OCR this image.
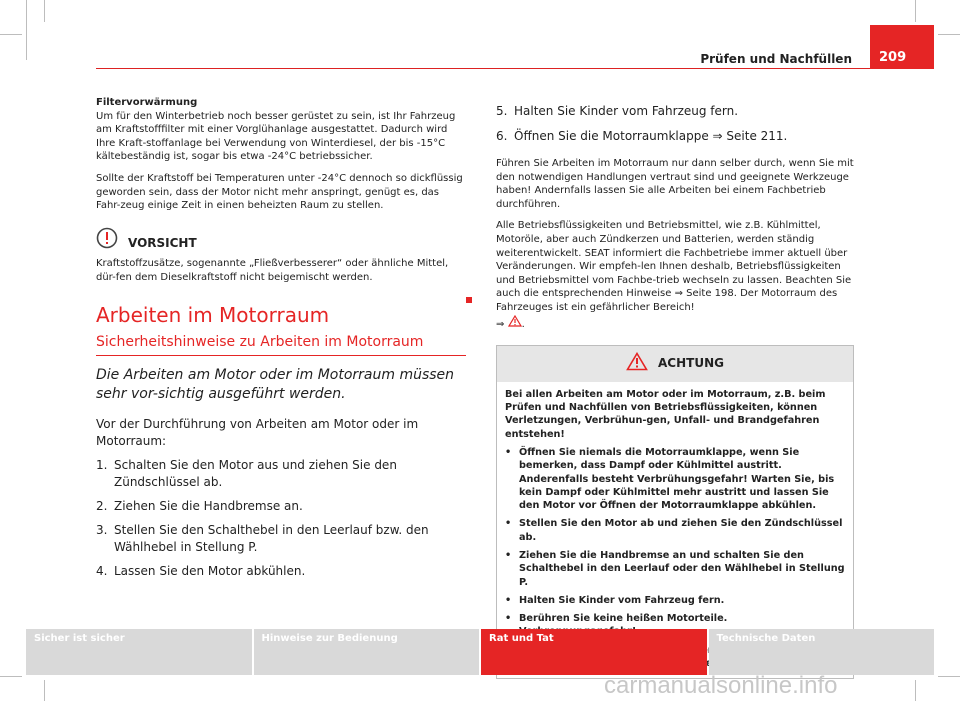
Prüfen und Nachfüllen	209

Filtervorwärmung

Um für den Winterbetrieb noch besser gerüstet zu sein, ist Ihr Fahrzeug am Kraftstofffilter mit einer Vorglühanlage ausgestattet. Dadurch wird Ihre Kraft-stoffanlage bei Verwendung von Winterdiesel, der bis -15°C kältebeständig ist, sogar bis etwa -24°C betriebssicher.

Sollte der Kraftstoff bei Temperaturen unter -24°C dennoch so dickflüssig geworden sein, dass der Motor nicht mehr anspringt, genügt es, das Fahr-zeug einige Zeit in einen beheizten Raum zu stellen.

VORSICHT

Kraftstoffzusätze, sogenannte „Fließverbesserer“ oder ähnliche Mittel, dür-fen dem Dieselkraftstoff nicht beigemischt werden.

Arbeiten im Motorraum
Sicherheitshinweise zu Arbeiten im Motorraum
Die Arbeiten am Motor oder im Motorraum müssen sehr vor-sichtig ausgeführt werden.
Vor der Durchführung von Arbeiten am Motor oder im Motorraum:
1. Schalten Sie den Motor aus und ziehen Sie den Zündschlüssel ab.
2. Ziehen Sie die Handbremse an.
3. Stellen Sie den Schalthebel in den Leerlauf bzw. den Wählhebel in Stellung P.
4. Lassen Sie den Motor abkühlen.
5. Halten Sie Kinder vom Fahrzeug fern.
6. Öffnen Sie die Motorraumklappe ⇒ Seite 211.

Führen Sie Arbeiten im Motorraum nur dann selber durch, wenn Sie mit den notwendigen Handlungen vertraut sind und geeignete Werkzeuge haben! Andernfalls lassen Sie alle Arbeiten bei einem Fachbetrieb durchführen.

Alle Betriebsflüssigkeiten und Betriebsmittel, wie z.B. Kühlmittel, Motoröle, aber auch Zündkerzen und Batterien, werden ständig weiterentwickelt. SEAT informiert die Fachbetriebe immer aktuell über Veränderungen. Wir empfeh-len Ihnen deshalb, Betriebsflüssigkeiten und Betriebsmittel vom Fachbe-trieb wechseln zu lassen. Beachten Sie auch die entsprechenden Hinweise ⇒ Seite 198. Der Motorraum des Fahrzeuges ist ein gefährlicher Bereich!
⇒ .

ACHTUNG
Bei allen Arbeiten am Motor oder im Motorraum, z.B. beim Prüfen und Nachfüllen von Betriebsflüssigkeiten, können Verletzungen, Verbrühun-gen, Unfall- und Brandgefahren entstehen!
• Öffnen Sie niemals die Motorraumklappe, wenn Sie bemerken, dass Dampf oder Kühlmittel austritt. Anderenfalls besteht Verbrühungsgefahr! Warten Sie, bis kein Dampf oder Kühlmittel mehr austritt und lassen Sie den Motor vor Öffnen der Motorraumklappe abkühlen.
• Stellen Sie den Motor ab und ziehen Sie den Zündschlüssel ab.
• Ziehen Sie die Handbremse an und schalten Sie den Schalthebel in den Leerlauf oder den Wählhebel in Stellung P.
• Halten Sie Kinder vom Fahrzeug fern.
• Berühren Sie keine heißen Motorteile.
Sicher ist sicher	Hinweise zur Bedienung	Rat und Tat	Technische Daten
carmanualsonline.info
